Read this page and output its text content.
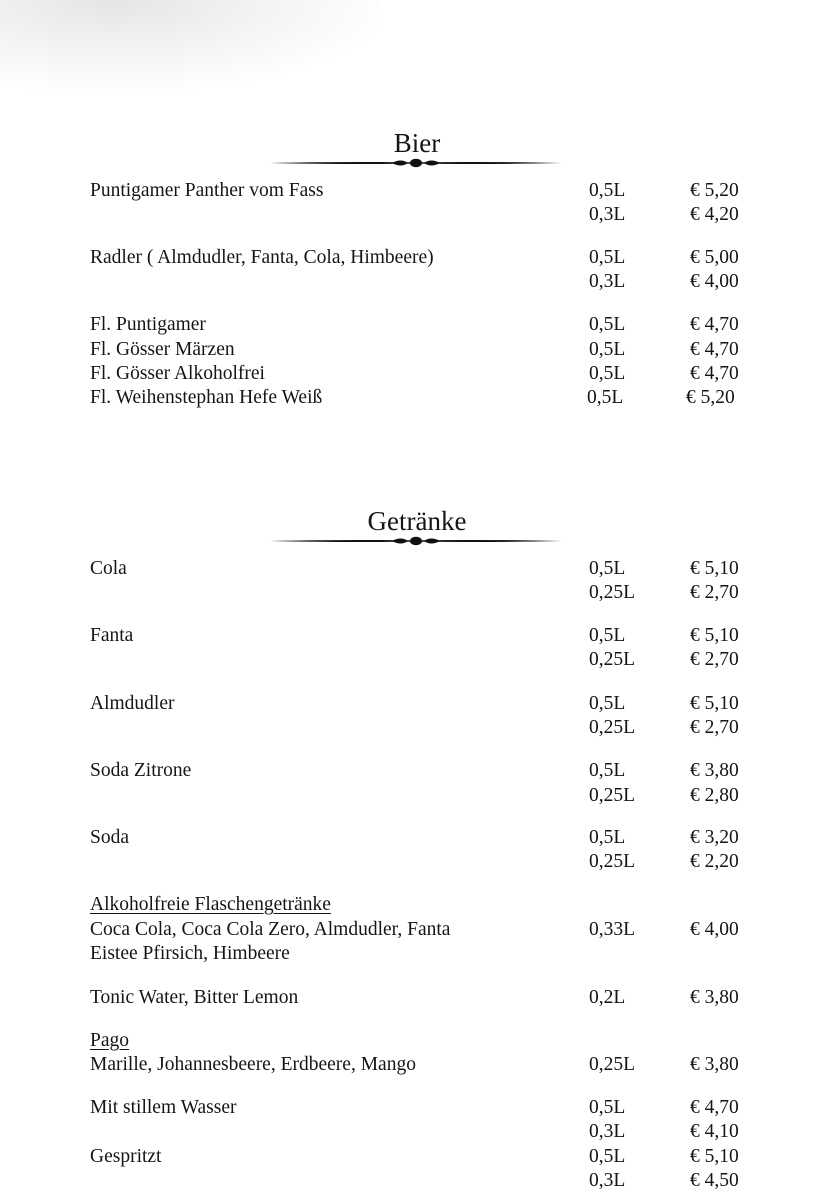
Bier
Puntigamer Panther vom Fass	0,5L	€ 5,20
0,3L	€ 4,20
Radler ( Almdudler, Fanta, Cola, Himbeere)	0,5L	€ 5,00
0,3L	€ 4,00
Fl. Puntigamer	0,5L	€ 4,70
Fl. Gösser Märzen	0,5L	€ 4,70
Fl. Gösser Alkoholfrei	0,5L	€ 4,70
Fl. Weihenstephan Hefe Weiß	0,5L	€ 5,20
Getränke
Cola	0,5L	€ 5,10
0,25L	€ 2,70
Fanta	0,5L	€ 5,10
0,25L	€ 2,70
Almdudler	0,5L	€ 5,10
0,25L	€ 2,70
Soda Zitrone	0,5L	€ 3,80
0,25L	€ 2,80
Soda	0,5L	€ 3,20
0,25L	€ 2,20
Alkoholfreie Flaschengetränke
Coca Cola, Coca Cola Zero, Almdudler, Fanta	0,33L	€ 4,00
Eistee Pfirsich, Himbeere
Tonic Water, Bitter Lemon	0,2L	€ 3,80
Pago
Marille, Johannesbeere, Erdbeere, Mango	0,25L	€ 3,80
Mit stillem Wasser	0,5L	€ 4,70
0,3L	€ 4,10
Gespritzt	0,5L	€ 5,10
0,3L	€ 4,50
